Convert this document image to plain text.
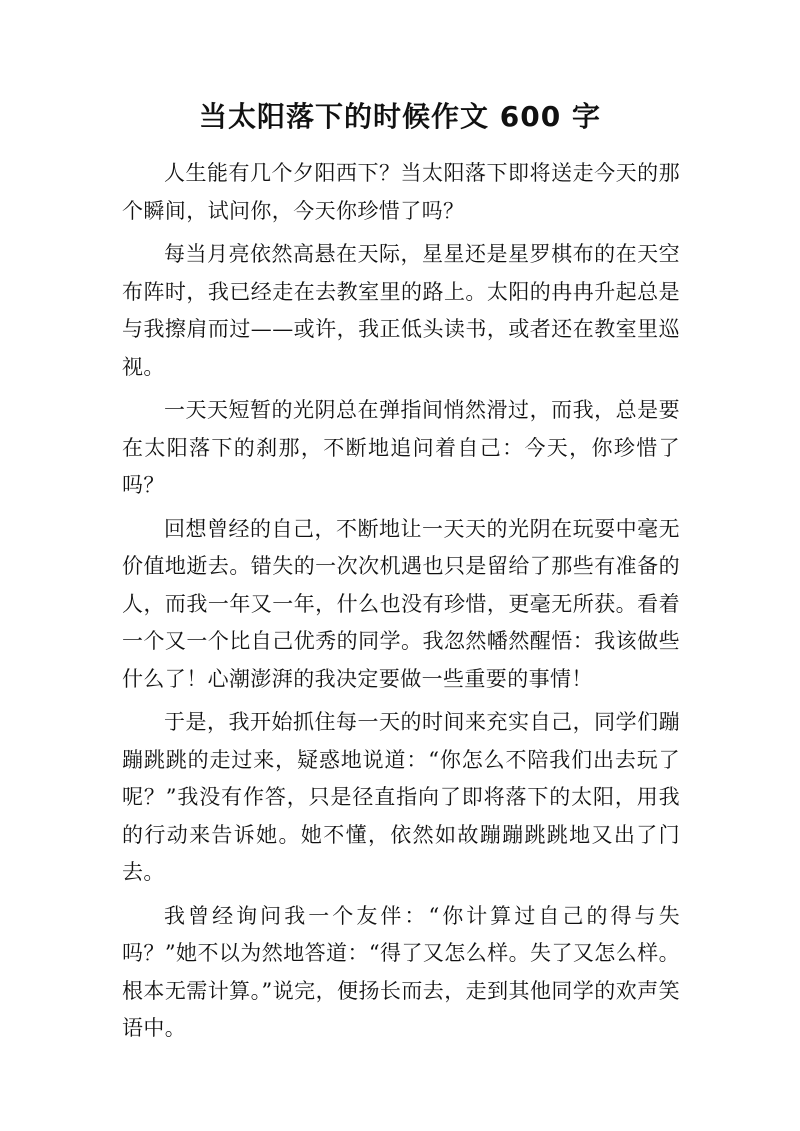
当太阳落下的时候作文 600 字

人生能有几个夕阳西下？当太阳落下即将送走今天的那个瞬间，试问你，今天你珍惜了吗？

每当月亮依然高悬在天际，星星还是星罗棋布的在天空布阵时，我已经走在去教室里的路上。太阳的冉冉升起总是与我擦肩而过——或许，我正低头读书，或者还在教室里巡视。

一天天短暂的光阴总在弹指间悄然滑过，而我，总是要在太阳落下的刹那，不断地追问着自己：今天，你珍惜了吗？

回想曾经的自己，不断地让一天天的光阴在玩耍中毫无价值地逝去。错失的一次次机遇也只是留给了那些有准备的人，而我一年又一年，什么也没有珍惜，更毫无所获。看着一个又一个比自己优秀的同学。我忽然幡然醒悟：我该做些什么了！心潮澎湃的我决定要做一些重要的事情！

于是，我开始抓住每一天的时间来充实自己，同学们蹦蹦跳跳的走过来，疑惑地说道：“你怎么不陪我们出去玩了呢？”我没有作答，只是径直指向了即将落下的太阳，用我的行动来告诉她。她不懂，依然如故蹦蹦跳跳地又出了门去。

我曾经询问我一个友伴：“你计算过自己的得与失吗？”她不以为然地答道：“得了又怎么样。失了又怎么样。根本无需计算。”说完，便扬长而去，走到其他同学的欢声笑语中。
